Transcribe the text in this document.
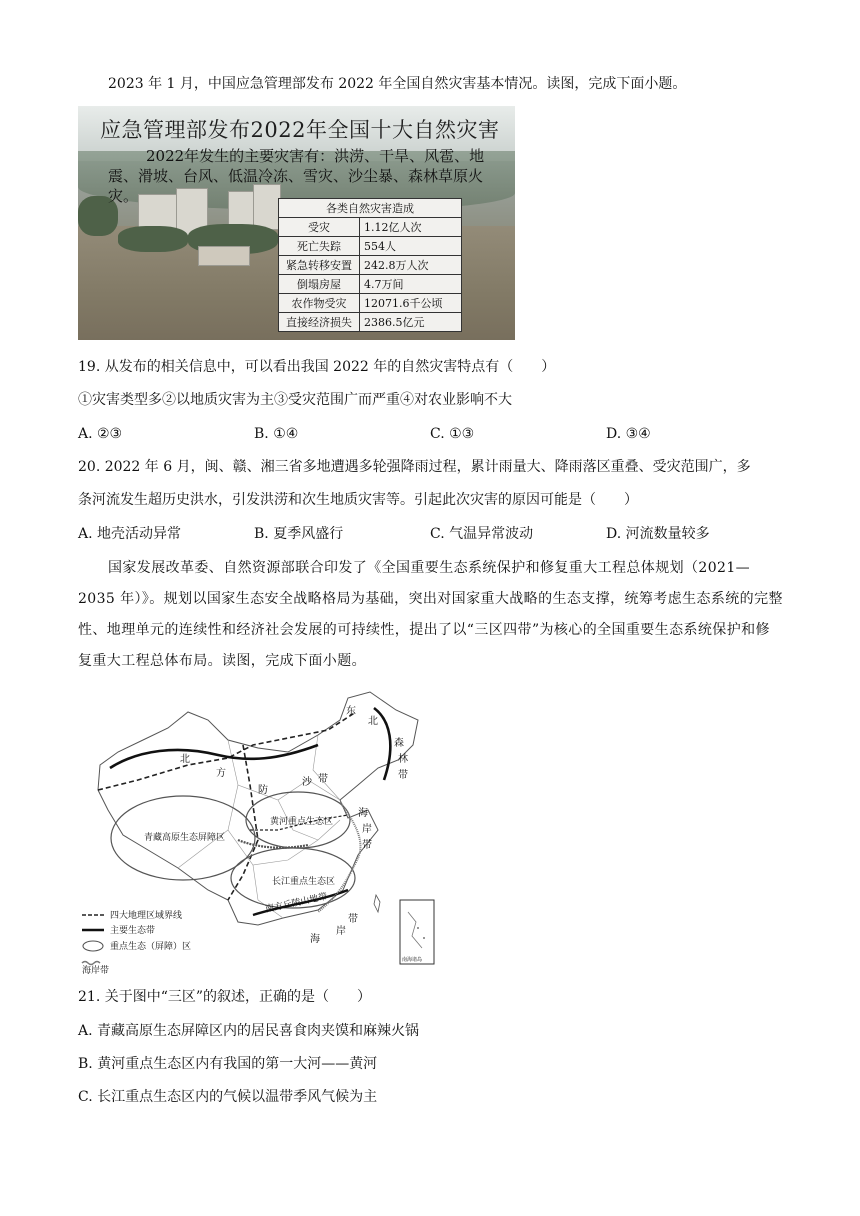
2023 年 1 月，中国应急管理部发布 2022 年全国自然灾害基本情况。读图，完成下面小题。
应急管理部发布2022年全国十大自然灾害
2022年发生的主要灾害有：洪涝、干旱、风雹、地震、滑坡、台风、低温冷冻、雪灾、沙尘暴、森林草原火灾。
各类自然灾害造成	
受灾	1.12亿人次
死亡失踪	554人
紧急转移安置	242.8万人次
倒塌房屋	4.7万间
农作物受灾	12071.6千公顷
直接经济损失	2386.5亿元
19. 从发布的相关信息中，可以看出我国 2022 年的自然灾害特点有（　　）
①灾害类型多②以地质灾害为主③受灾范围广而严重④对农业影响不大
A. ②③	B. ①④	C. ①③	D. ③④
20. 2022 年 6 月，闽、赣、湘三省多地遭遇多轮强降雨过程，累计雨量大、降雨落区重叠、受灾范围广，多
条河流发生超历史洪水，引发洪涝和次生地质灾害等。引起此次灾害的原因可能是（　　）
A. 地壳活动异常	B. 夏季风盛行	C. 气温异常波动	D. 河流数量较多
国家发展改革委、自然资源部联合印发了《全国重要生态系统保护和修复重大工程总体规划（2021—2035 年）》。规划以国家生态安全战略格局为基础，突出对国家重大战略的生态支撑，统筹考虑生态系统的完整性、地理单元的连续性和经济社会发展的可持续性，提出了以“三区四带”为核心的全国重要生态系统保护和修复重大工程总体布局。读图，完成下面小题。
北
方
防
沙 带
东
北
森
林
带
青藏高原生态屏障区
黄河重点生态区
长江重点生态区
南方丘陵山地带
海
岸
带
海
岸
带
南海诸岛
四大地理区域界线
主要生态带
重点生态（屏障）区
海岸带
21. 关于图中“三区”的叙述，正确的是（　　）
A. 青藏高原生态屏障区内的居民喜食肉夹馍和麻辣火锅
B. 黄河重点生态区内有我国的第一大河——黄河
C. 长江重点生态区内的气候以温带季风气候为主
